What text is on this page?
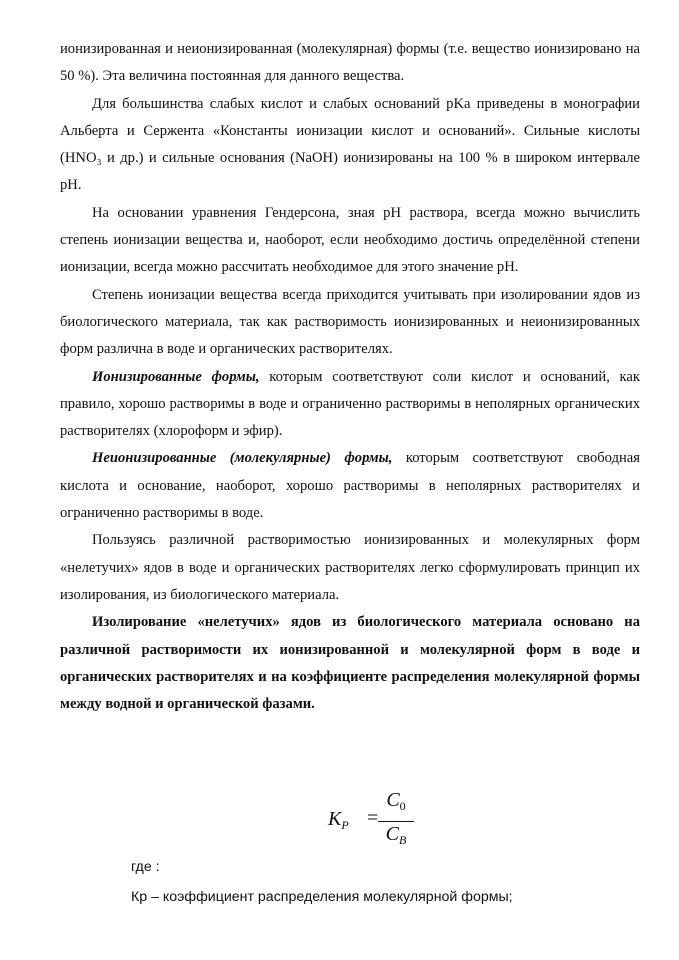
ионизированная и неионизированная (молекулярная) формы (т.е. вещество ионизировано на 50 %). Эта величина постоянная для данного вещества.

Для большинства слабых кислот и слабых оснований pKa приведены в монографии Альберта и Сержента «Константы ионизации кислот и оснований». Сильные кислоты (HNO₃ и др.) и сильные основания (NaOH) ионизированы на 100 % в широком интервале pH.

На основании уравнения Гендерсона, зная pH раствора, всегда можно вычислить степень ионизации вещества и, наоборот, если необходимо достичь определённой степени ионизации, всегда можно рассчитать необходимое для этого значение pH.

Степень ионизации вещества всегда приходится учитывать при изолировании ядов из биологического материала, так как растворимость ионизированных и неионизированных форм различна в воде и органических растворителях.

Ионизированные формы, которым соответствуют соли кислот и оснований, как правило, хорошо растворимы в воде и ограниченно растворимы в неполярных органических растворителях (хлороформ и эфир).

Неионизированные (молекулярные) формы, которым соответствуют свободная кислота и основание, наоборот, хорошо растворимы в неполярных растворителях и ограниченно растворимы в воде.

Пользуясь различной растворимостью ионизированных и молекулярных форм «нелетучих» ядов в воде и органических растворителях легко сформулировать принцип их изолирования, из биологического материала.

Изолирование «нелетучих» ядов из биологического материала основано на различной растворимости их ионизированной и молекулярной форм в воде и органических растворителях и на коэффициенте распределения молекулярной формы между водной и органической фазами.

$K_P$ =
$C_0$
$C_B$
где :
Кр – коэффициент распределения молекулярной формы;
